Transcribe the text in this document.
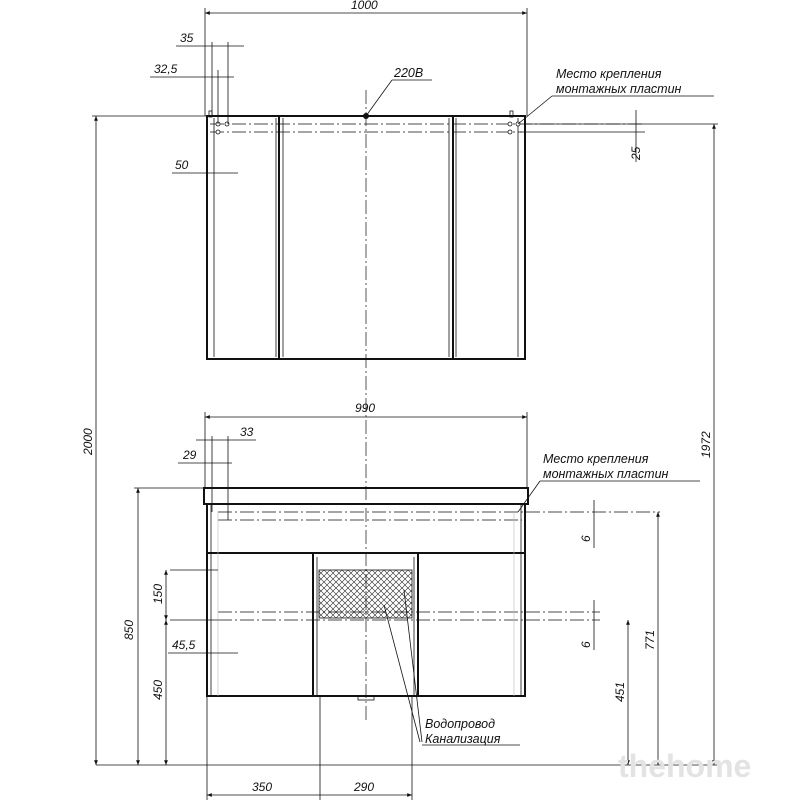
220В
1000
35
32,5
50
25
Место крепления
монтажных пластин
990
33
29
150
45,5
850
450
6
6	771
451
350	290
Место крепления
монтажных пластин
Водопровод
Канализация
2000	1972
thehome
